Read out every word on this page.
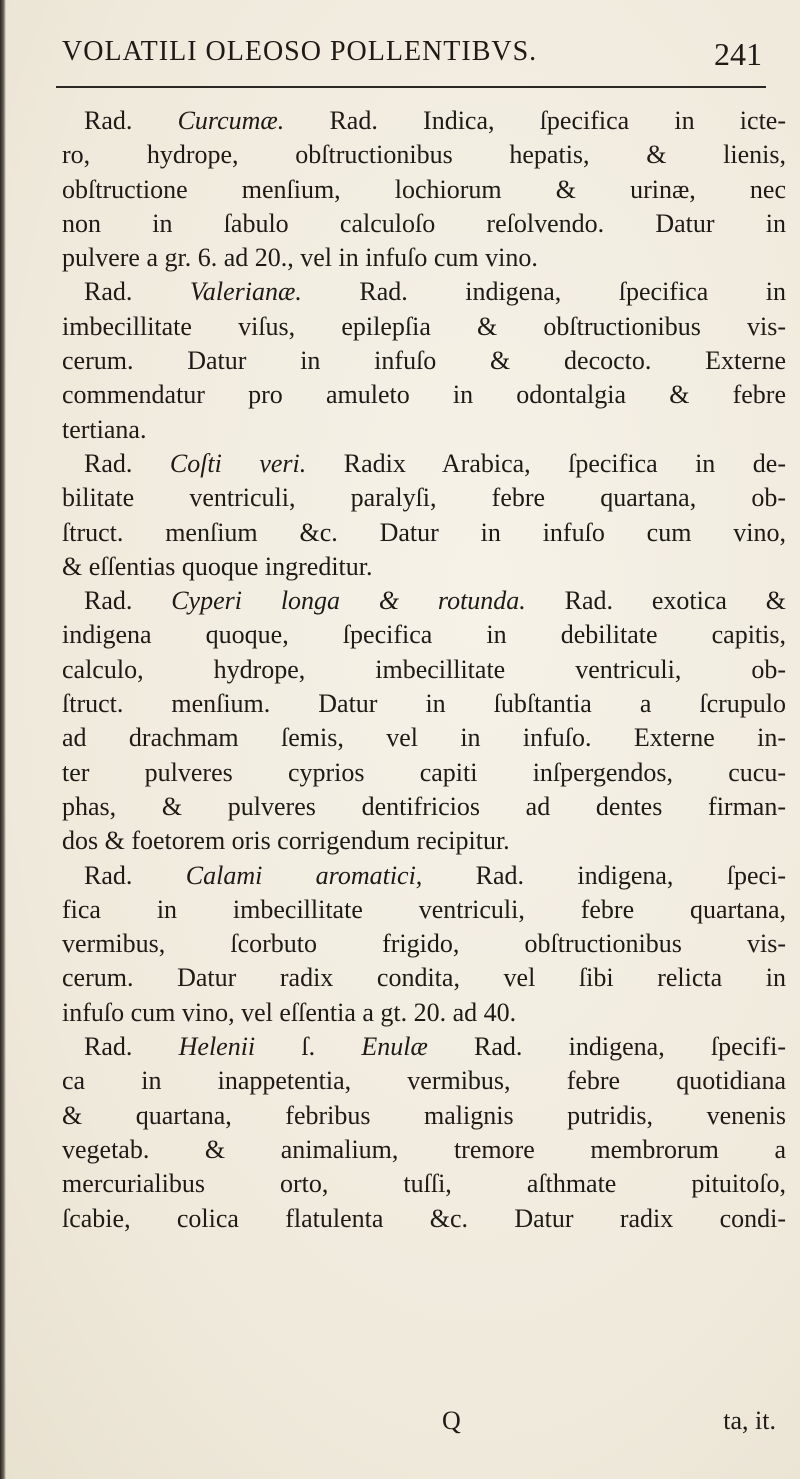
VOLATILI OLEOSO POLLENTIBVS.	241
Rad. Curcumæ. Rad. Indica, ſpecifica in icte-
ro, hydrope, obſtructionibus hepatis, & lienis,
obſtructione menſium, lochiorum & urinæ, nec
non in ſabulo calculoſo reſolvendo. Datur in
pulvere a gr. 6. ad 20., vel in infuſo cum vino.
Rad. Valerianæ. Rad. indigena, ſpecifica in
imbecillitate viſus, epilepſia & obſtructionibus vis-
cerum. Datur in infuſo & decocto. Externe
commendatur pro amuleto in odontalgia & febre
tertiana.
Rad. Coſti veri. Radix Arabica, ſpecifica in de-
bilitate ventriculi, paralyſi, febre quartana, ob-
ſtruct. menſium &c. Datur in infuſo cum vino,
& eſſentias quoque ingreditur.
Rad. Cyperi longa & rotunda. Rad. exotica &
indigena quoque, ſpecifica in debilitate capitis,
calculo, hydrope, imbecillitate ventriculi, ob-
ſtruct. menſium. Datur in ſubſtantia a ſcrupulo
ad drachmam ſemis, vel in infuſo. Externe in-
ter pulveres cyprios capiti inſpergendos, cucu-
phas, & pulveres dentifricios ad dentes firman-
dos & foetorem oris corrigendum recipitur.
Rad. Calami aromatici, Rad. indigena, ſpeci-
fica in imbecillitate ventriculi, febre quartana,
vermibus, ſcorbuto frigido, obſtructionibus vis-
cerum. Datur radix condita, vel ſibi relicta in
infuſo cum vino, vel eſſentia a gt. 20. ad 40.
Rad. Helenii ſ. Enulæ Rad. indigena, ſpecifi-
ca in inappetentia, vermibus, febre quotidiana
& quartana, febribus malignis putridis, venenis
vegetab. & animalium, tremore membrorum a
mercurialibus orto, tuſſi, aſthmate pituitoſo,
ſcabie, colica flatulenta &c. Datur radix condi-
Q	ta, it.
